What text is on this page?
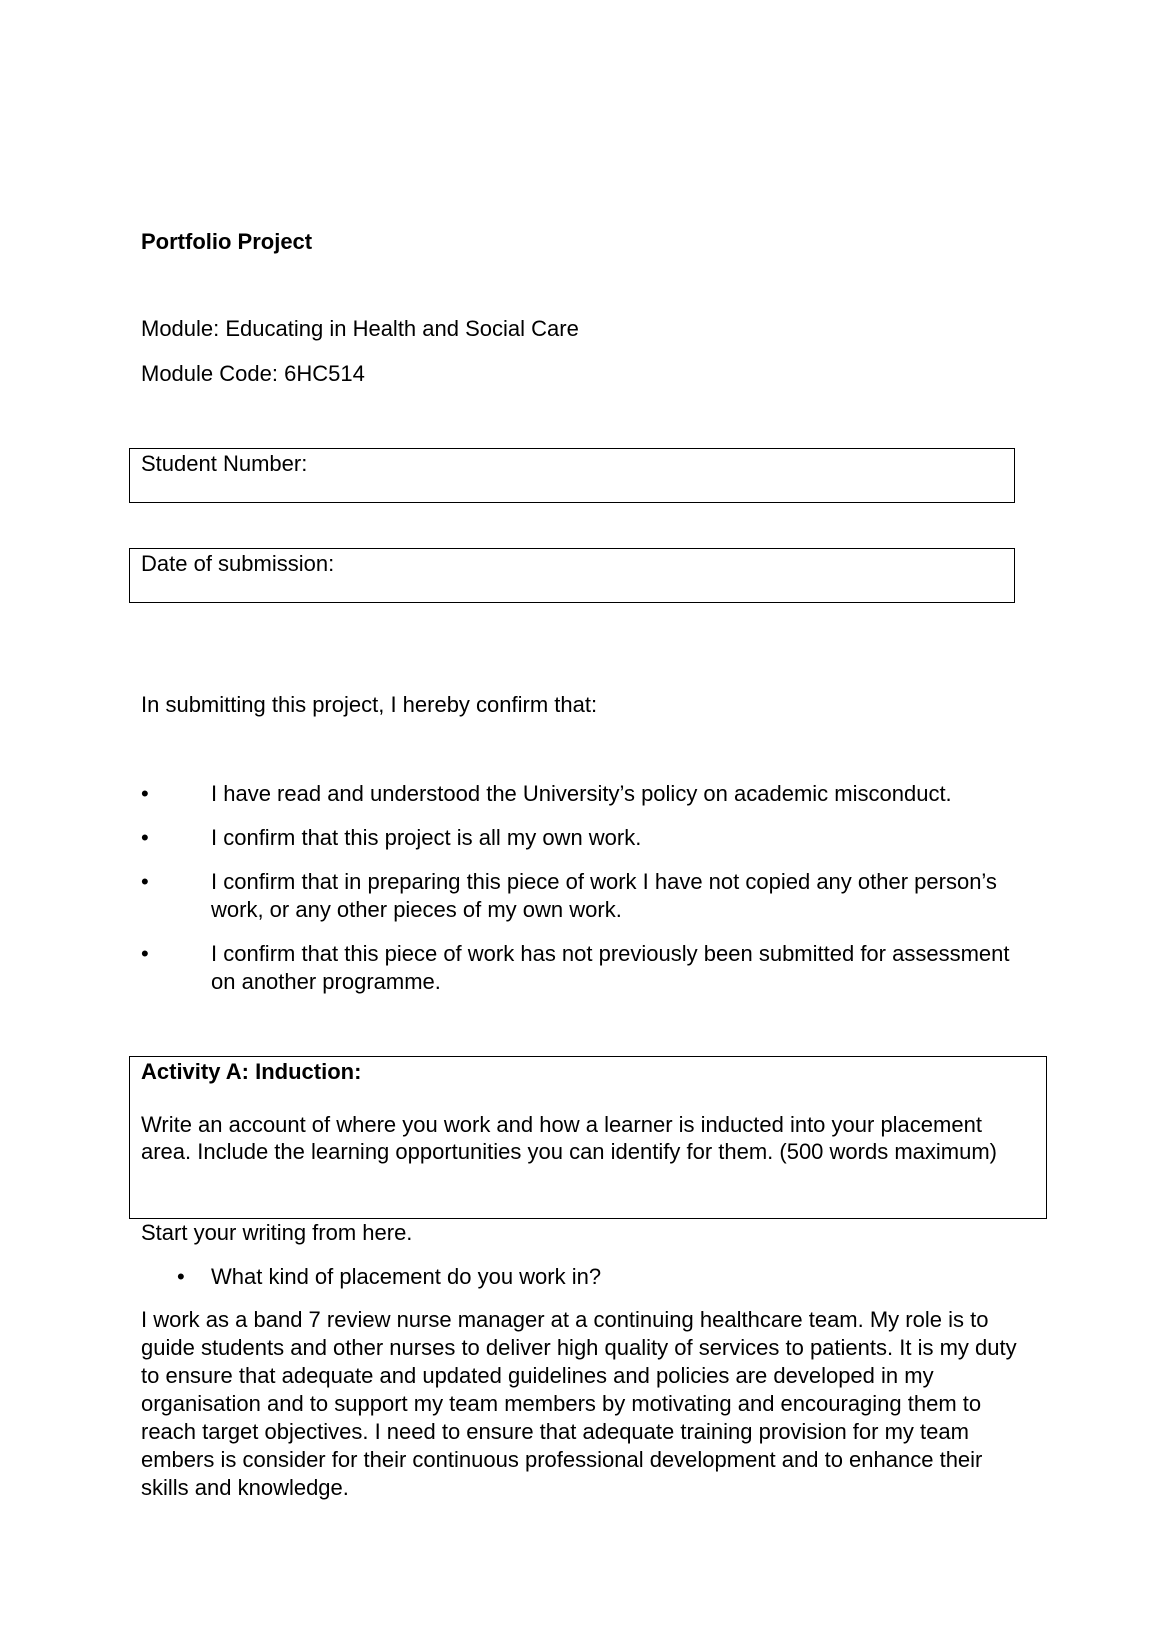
Portfolio Project
Module: Educating in Health and Social Care
Module Code: 6HC514
Student Number:
Date of submission:
In submitting this project, I hereby confirm that:
•	I have read and understood the University’s policy on academic misconduct.
•	I confirm that this project is all my own work.
•	I confirm that in preparing this piece of work I have not copied any other person’s work, or any other pieces of my own work.
•	I confirm that this piece of work has not previously been submitted for assessment on another programme.
Activity A: Induction:
Write an account of where you work and how a learner is inducted into your placement area. Include the learning opportunities you can identify for them. (500 words maximum)
Start your writing from here.
• What kind of placement do you work in?
I work as a band 7 review nurse manager at a continuing healthcare team. My role is to guide students and other nurses to deliver high quality of services to patients. It is my duty to ensure that adequate and updated guidelines and policies are developed in my organisation and to support my team members by motivating and encouraging them to reach target objectives. I need to ensure that adequate training provision for my team embers is consider for their continuous professional development and to enhance their skills and knowledge.
